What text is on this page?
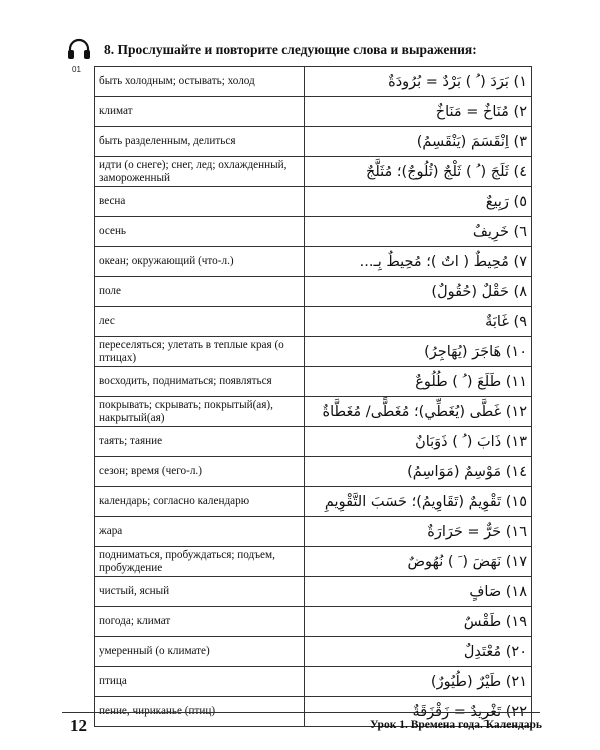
01
8. Прослушайте и повторите следующие слова и выражения:
быть холодным; остывать; холод	١) بَرَدَ ( ُ ) بَرْدٌ = بُرُودَةٌ
климат	٢) مُنَاخٌ = مَنَاخٌ
быть разделенным, делиться	٣) اِنْقَسَمَ (يَنْقَسِمُ)
идти (о снеге); снег, лед; охлажденный, замороженный	٤) ثَلَجَ ( ُ ) ثَلْجٌ (ثُلُوجٌ)؛ مُثَلَّجٌ
весна	٥) رَبِيعٌ
осень	٦) خَرِيفٌ
океан; окружающий (что-л.)	٧) مُحِيطٌ ( اتٌ )؛ مُحِيطٌ بِـ...
поле	٨) حَقْلٌ (حُقُولٌ)
лес	٩) غَابَةٌ
переселяться; улетать в теплые края (о птицах)	١٠) هَاجَرَ (يُهَاجِرُ)
восходить, подниматься; появляться	١١) طَلَعَ ( ُ ) طُلُوعٌ
покрывать; скрывать; покрытый(ая), накрытый(ая)	١٢) غَطَّى (يُغَطِّي)؛ مُغَطًّى/ مُغَطَّاةٌ
таять; таяние	١٣) ذَابَ ( ُ ) ذَوَبَانٌ
сезон; время (чего-л.)	١٤) مَوْسِمٌ (مَوَاسِمُ)
календарь; согласно календарю	١٥) تَقْوِيمٌ (تَقَاوِيمُ)؛ حَسَبَ التَّقْوِيمِ
жара	١٦) حَرٌّ = حَرَارَةٌ
подниматься, пробуждаться; подъем, пробуждение	١٧) نَهَضَ ( َ ) نُهُوضٌ
чистый, ясный	١٨) صَافٍ
погода; климат	١٩) طَقْسٌ
умеренный (о климате)	٢٠) مُعْتَدِلٌ
птица	٢١) طَيْرٌ (طُيُورٌ)
пение, чириканье (птиц)	٢٢) تَغْرِيدٌ = زَقْزَقَةٌ
12	Урок 1. Времена года. Календарь
